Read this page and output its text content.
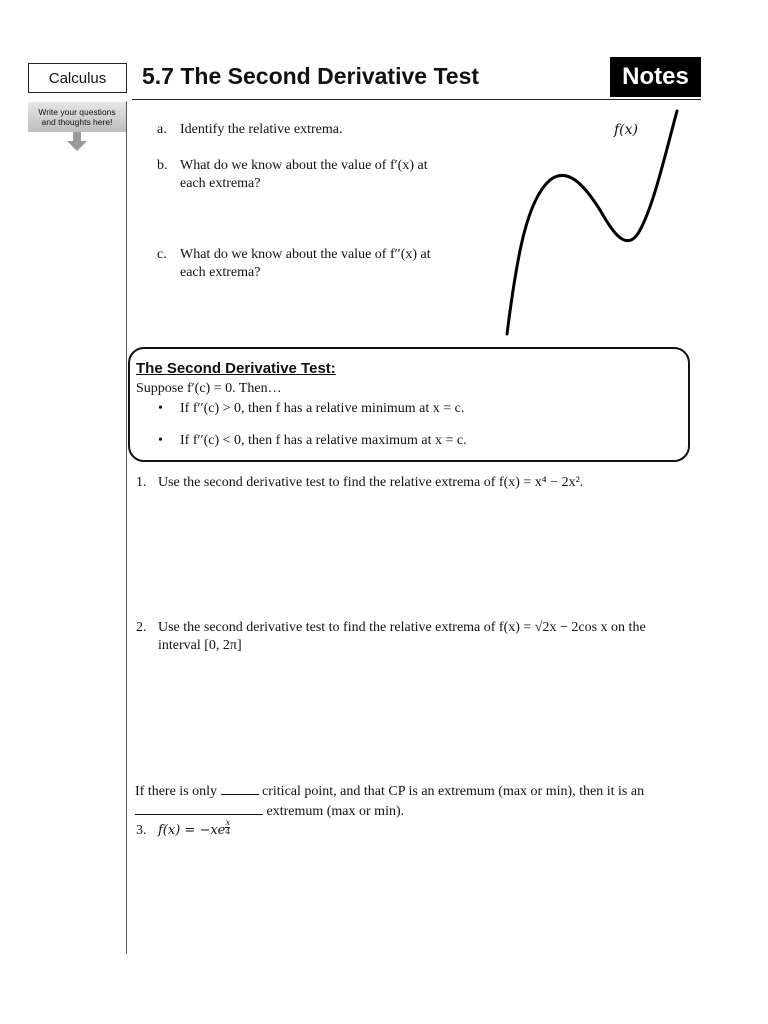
Calculus	5.7 The Second Derivative Test	Notes
Write your questions
and thoughts here!	a. Identify the relative extrema.
b. What do we know about the value of f′(x) at
each extrema?
c. What do we know about the value of f′′(x) at
each extrema?
f(x)
The Second Derivative Test:
Suppose f′(c) = 0. Then…
• If f′′(c) > 0, then f has a relative minimum at x = c.
• If f′′(c) < 0, then f has a relative maximum at x = c.
1. Use the second derivative test to find the relative extrema of f(x) = x⁴ − 2x².
2. Use the second derivative test to find the relative extrema of f(x) = √2x − 2cos x on the
interval [0, 2π]
If there is only	critical point, and that CP is an extremum (max or min), then it is an
extremum (max or min).
3. $f(x) = -xe \frac{x}{4}$
